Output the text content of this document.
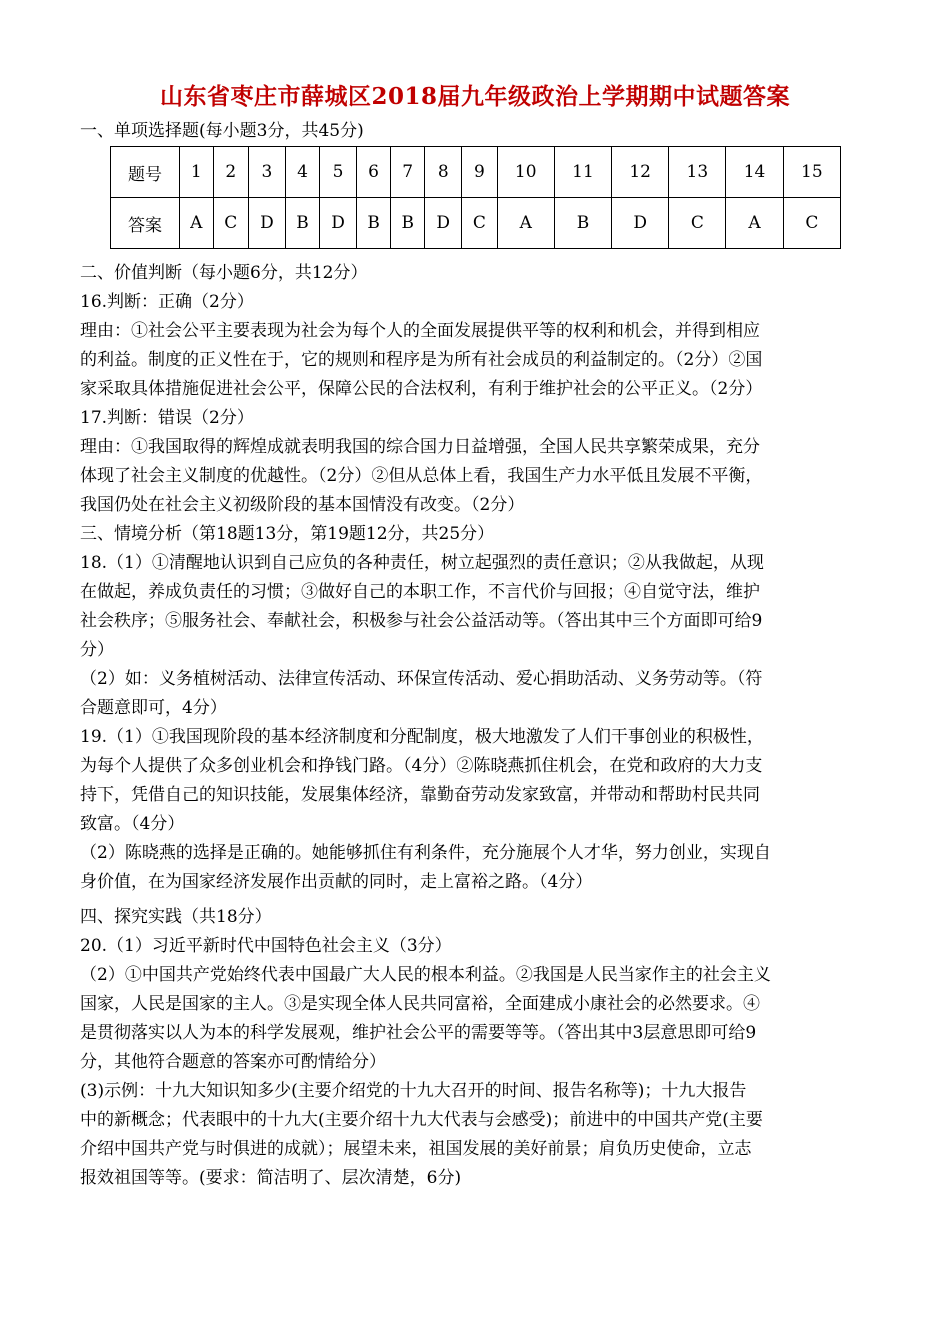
山东省枣庄市薛城区2018届九年级政治上学期期中试题答案
一、单项选择题(每小题3分，共45分)
题号	1	2	3	4	5	6	7	8	9	10	11	12	13	14	15
答案	A	C	D	B	D	B	B	D	C	A	B	D	C	A	C
二、价值判断（每小题6分，共12分）
16.判断：正确（2分）
理由：①社会公平主要表现为社会为每个人的全面发展提供平等的权利和机会，并得到相应
的利益。制度的正义性在于，它的规则和程序是为所有社会成员的利益制定的。（2分）②国
家采取具体措施促进社会公平，保障公民的合法权利，有利于维护社会的公平正义。（2分）
17.判断：错误（2分）
理由：①我国取得的辉煌成就表明我国的综合国力日益增强，全国人民共享繁荣成果，充分
体现了社会主义制度的优越性。（2分）②但从总体上看，我国生产力水平低且发展不平衡，
我国仍处在社会主义初级阶段的基本国情没有改变。（2分）
三、情境分析（第18题13分，第19题12分，共25分）
18.（1）①清醒地认识到自己应负的各种责任，树立起强烈的责任意识；②从我做起，从现
在做起，养成负责任的习惯；③做好自己的本职工作，不言代价与回报；④自觉守法，维护
社会秩序；⑤服务社会、奉献社会，积极参与社会公益活动等。（答出其中三个方面即可给9
分）
（2）如：义务植树活动、法律宣传活动、环保宣传活动、爱心捐助活动、义务劳动等。（符
合题意即可，4分）
19.（1）①我国现阶段的基本经济制度和分配制度，极大地激发了人们干事创业的积极性，
为每个人提供了众多创业机会和挣钱门路。（4分）②陈晓燕抓住机会，在党和政府的大力支
持下，凭借自己的知识技能，发展集体经济，靠勤奋劳动发家致富，并带动和帮助村民共同
致富。（4分）
（2）陈晓燕的选择是正确的。她能够抓住有利条件，充分施展个人才华，努力创业，实现自
身价值，在为国家经济发展作出贡献的同时，走上富裕之路。（4分）
四、探究实践（共18分）
20.（1）习近平新时代中国特色社会主义（3分）
（2）①中国共产党始终代表中国最广大人民的根本利益。②我国是人民当家作主的社会主义
国家，人民是国家的主人。③是实现全体人民共同富裕，全面建成小康社会的必然要求。④
是贯彻落实以人为本的科学发展观，维护社会公平的需要等等。（答出其中3层意思即可给9
分，其他符合题意的答案亦可酌情给分）
(3)示例：十九大知识知多少(主要介绍党的十九大召开的时间、报告名称等)；十九大报告
中的新概念；代表眼中的十九大(主要介绍十九大代表与会感受)；前进中的中国共产党(主要
介绍中国共产党与时俱进的成就）；展望未来，祖国发展的美好前景；肩负历史使命，立志
报效祖国等等。(要求：简洁明了、层次清楚，6分)
